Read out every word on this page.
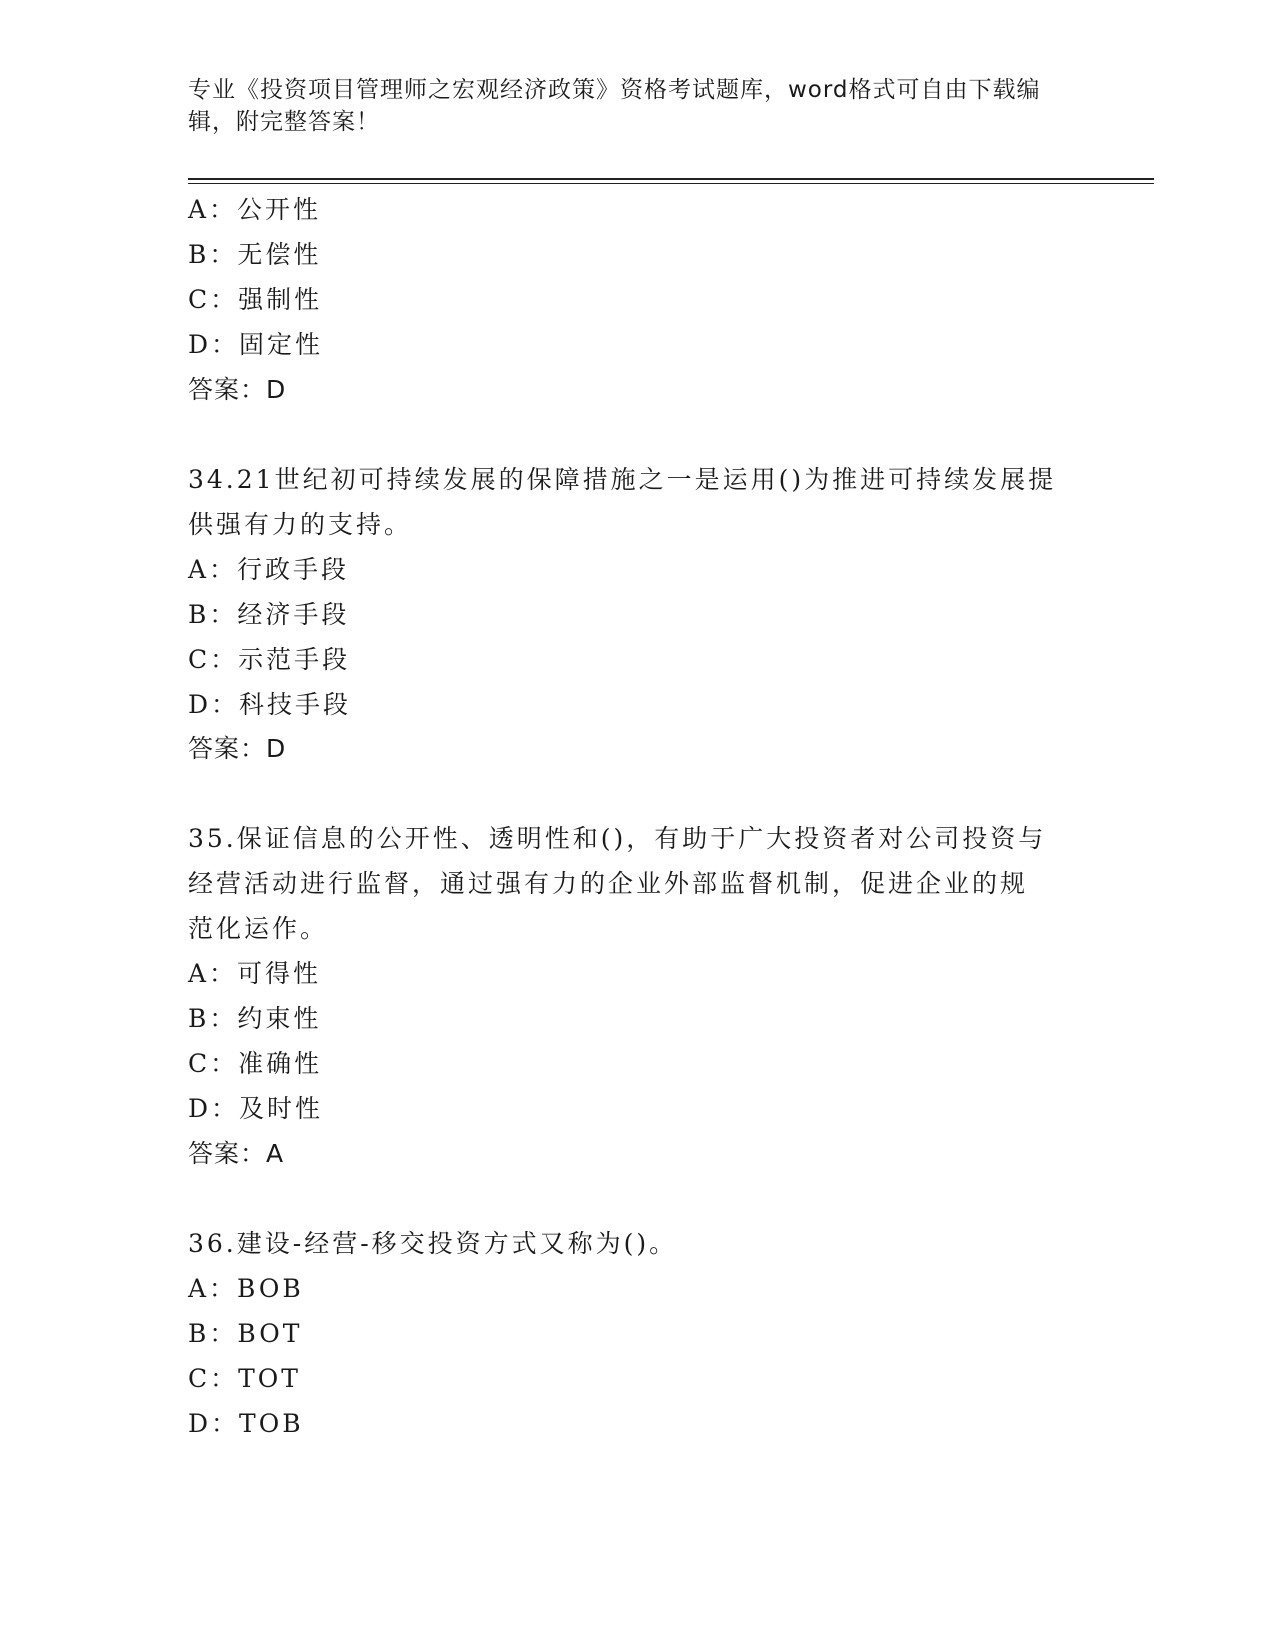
专业《投资项目管理师之宏观经济政策》资格考试题库，word格式可自由下载编
辑，附完整答案！
A：公开性
B：无偿性
C：强制性
D：固定性
答案：D
34.21世纪初可持续发展的保障措施之一是运用()为推进可持续发展提
供强有力的支持。
A：行政手段
B：经济手段
C：示范手段
D：科技手段
答案：D
35.保证信息的公开性、透明性和()，有助于广大投资者对公司投资与
经营活动进行监督，通过强有力的企业外部监督机制，促进企业的规
范化运作。
A：可得性
B：约束性
C：准确性
D：及时性
答案：A
36.建设-经营-移交投资方式又称为()。
A：BOB
B：BOT
C：TOT
D：TOB
